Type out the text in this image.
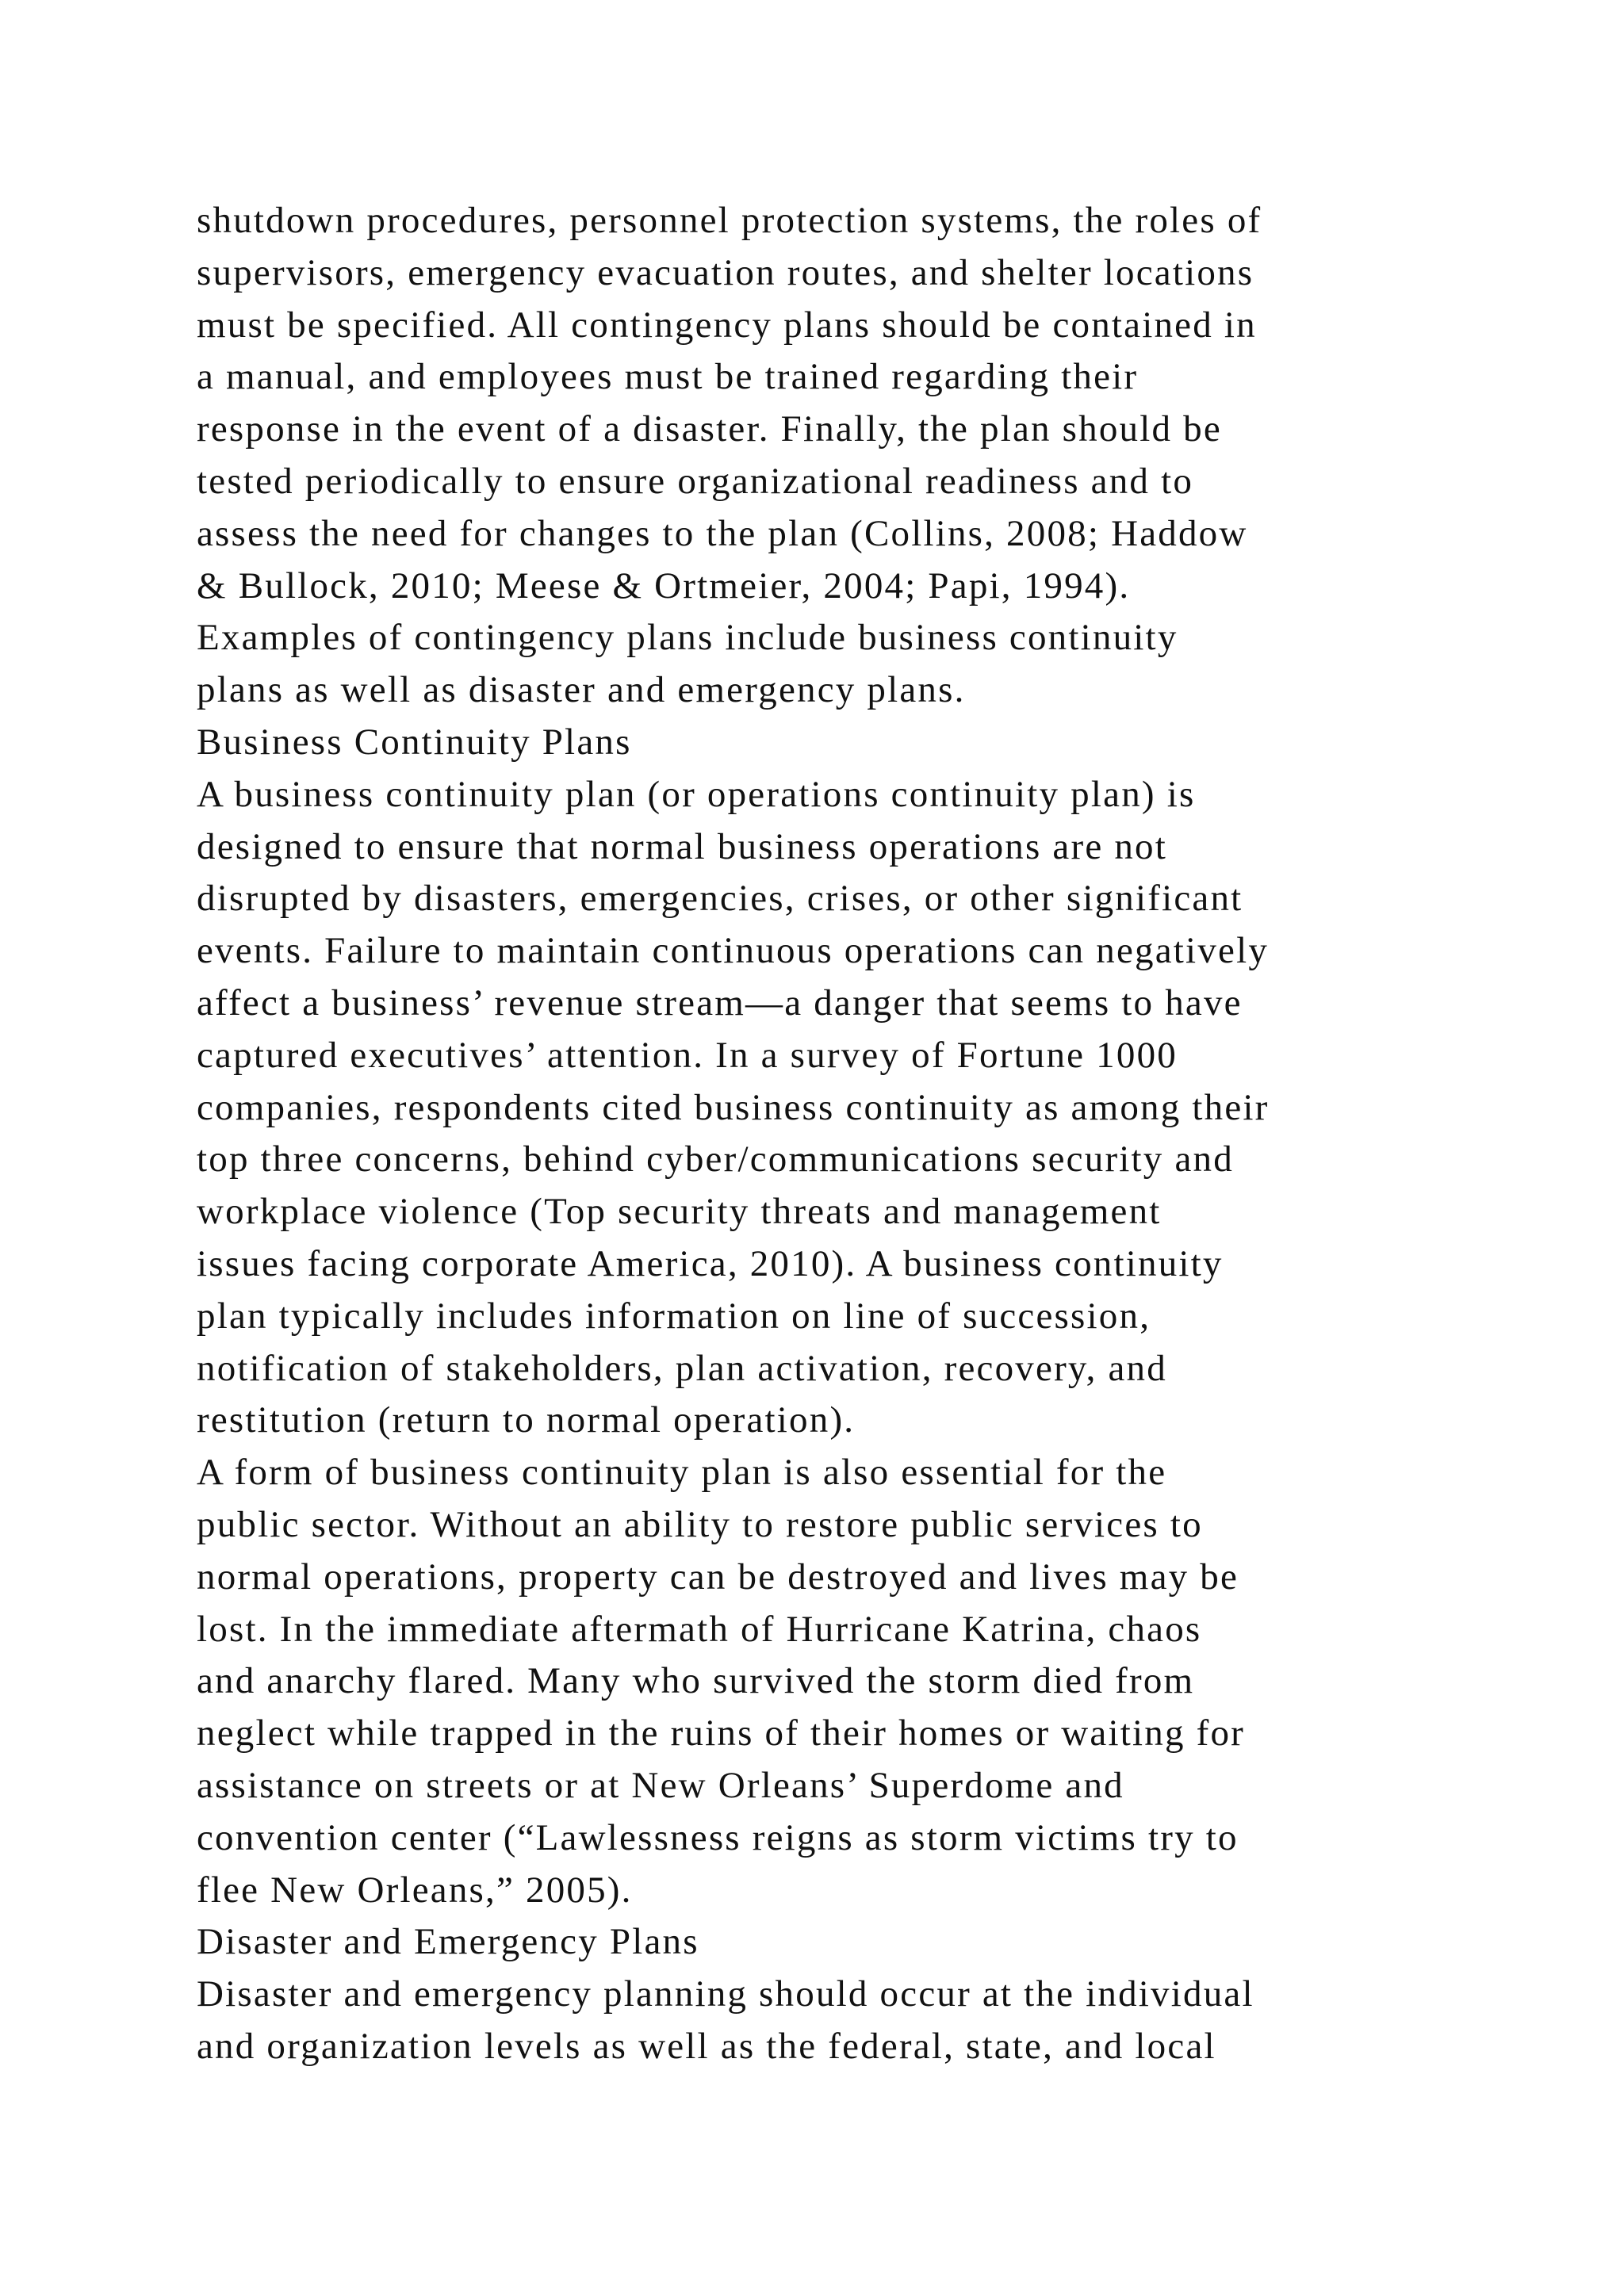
shutdown procedures, personnel protection systems, the roles of
supervisors, emergency evacuation routes, and shelter locations
must be specified. All contingency plans should be contained in
a manual, and employees must be trained regarding their
response in the event of a disaster. Finally, the plan should be
tested periodically to ensure organizational readiness and to
assess the need for changes to the plan (Collins, 2008; Haddow
& Bullock, 2010; Meese & Ortmeier, 2004; Papi, 1994).
Examples of contingency plans include business continuity
plans as well as disaster and emergency plans.
Business Continuity Plans
A business continuity plan (or operations continuity plan) is
designed to ensure that normal business operations are not
disrupted by disasters, emergencies, crises, or other significant
events. Failure to maintain continuous operations can negatively
affect a business’ revenue stream—a danger that seems to have
captured executives’ attention. In a survey of Fortune 1000
companies, respondents cited business continuity as among their
top three concerns, behind cyber/communications security and
workplace violence (Top security threats and management
issues facing corporate America, 2010). A business continuity
plan typically includes information on line of succession,
notification of stakeholders, plan activation, recovery, and
restitution (return to normal operation).
A form of business continuity plan is also essential for the
public sector. Without an ability to restore public services to
normal operations, property can be destroyed and lives may be
lost. In the immediate aftermath of Hurricane Katrina, chaos
and anarchy flared. Many who survived the storm died from
neglect while trapped in the ruins of their homes or waiting for
assistance on streets or at New Orleans’ Superdome and
convention center (“Lawlessness reigns as storm victims try to
flee New Orleans,” 2005).
Disaster and Emergency Plans
Disaster and emergency planning should occur at the individual
and organization levels as well as the federal, state, and local
